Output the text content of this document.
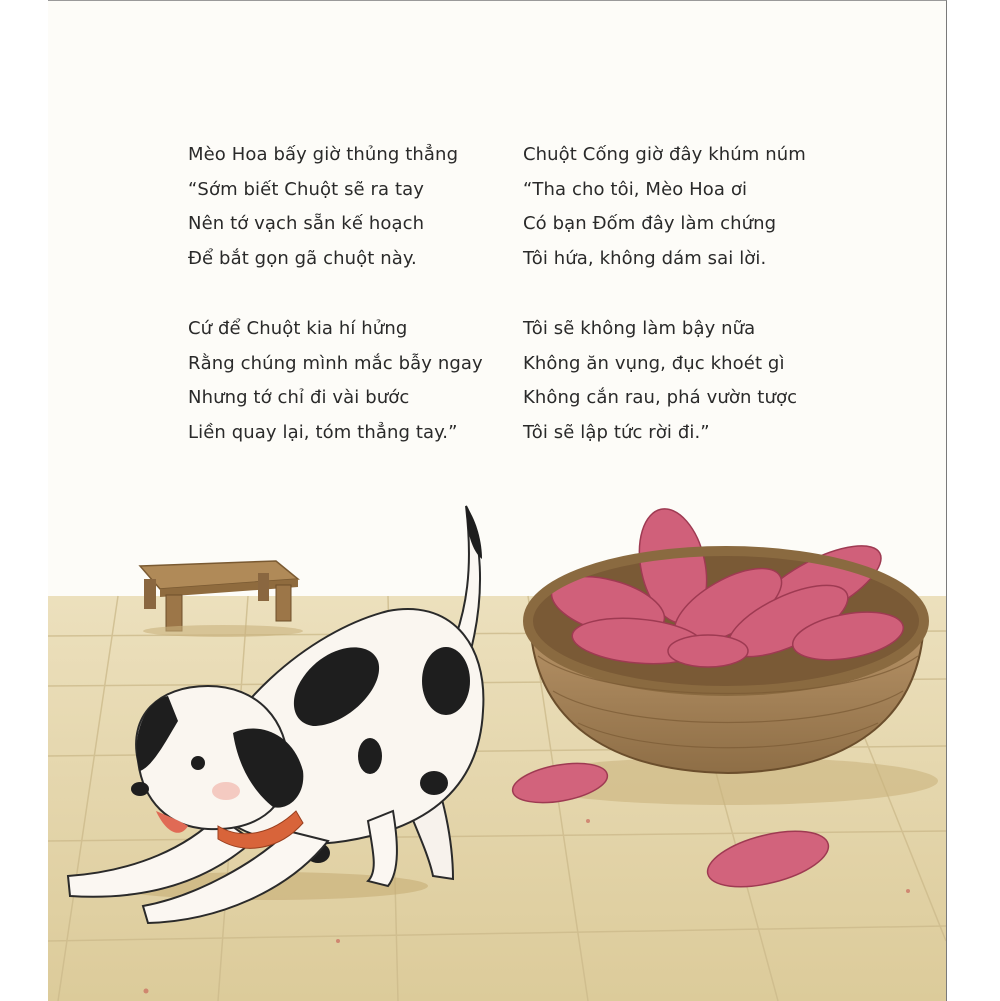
Mèo Hoa bấy giờ thủng thẳng
“Sớm biết Chuột sẽ ra tay
Nên tớ vạch sẵn kế hoạch
Để bắt gọn gã chuột này.
Chuột Cống giờ đây khúm núm
“Tha cho tôi, Mèo Hoa ơi
Có bạn Đốm đây làm chứng
Tôi hứa, không dám sai lời.
Cứ để Chuột kia hí hửng
Rằng chúng mình mắc bẫy ngay
Nhưng tớ chỉ đi vài bước
Liền quay lại, tóm thẳng tay.”
Tôi sẽ không làm bậy nữa
Không ăn vụng, đục khoét gì
Không cắn rau, phá vườn tược
Tôi sẽ lập tức rời đi.”
